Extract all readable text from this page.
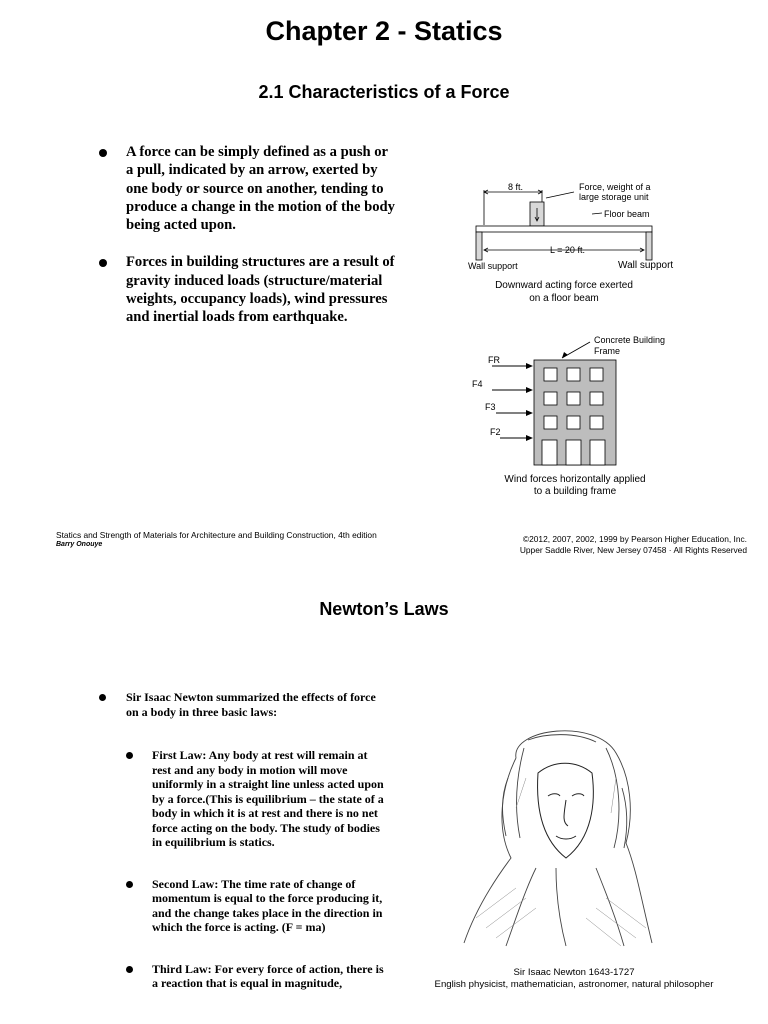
Chapter 2 - Statics
2.1 Characteristics of a Force
A force can be simply defined as a push or a pull, indicated by an arrow, exerted by one body or source on another, tending to produce a change in the motion of the body being acted upon.
Forces in building structures are a result of gravity induced loads (structure/material weights, occupancy loads), wind pressures and inertial loads from earthquake.
8 ft.	Force, weight of a
large storage unit
Floor beam
L = 20 ft.
Wall support	Wall support
Downward acting force exerted
on a floor beam
FR
F4
F3
F2
Concrete Building
Frame
Wind forces horizontally applied
to a building frame
Statics and Strength of Materials for Architecture and Building Construction, 4th edition
Barry Onouye
©2012, 2007, 2002, 1999 by Pearson Higher Education, Inc.
Upper Saddle River, New Jersey 07458 · All Rights Reserved
Newton’s Laws
Sir Isaac Newton summarized the effects of force on a body in three basic laws:
First Law: Any body at rest will remain at rest and any body in motion will move uniformly in a straight line unless acted upon by a force.(This is equilibrium – the state of a body in which it is at rest and there is no net force acting on the body. The study of bodies in equilibrium is statics.
Second Law: The time rate of change of momentum is equal to the force producing it, and the change takes place in the direction in which the force is acting. (F = ma)
Third Law: For every force of action, there is a reaction that is equal in magnitude,
Sir Isaac Newton 1643-1727
English physicist, mathematician, astronomer, natural philosopher
